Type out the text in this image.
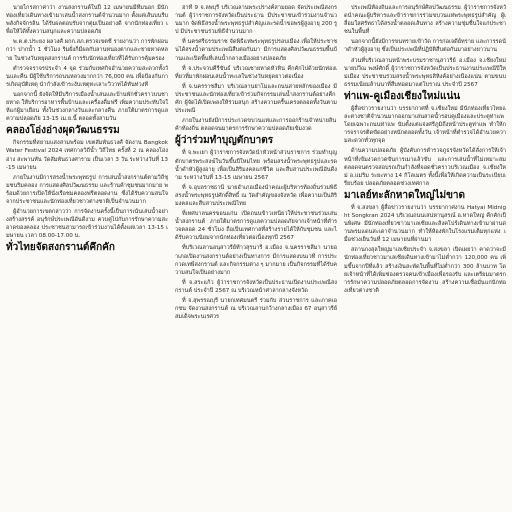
นายไกรสกาค่าว่า งานสงกรานต์ในปี 12 เมษายนมีทีมนอก มีนักท่องเที่ยวเดินทางเข้ามาเล่นน้ำสงกรานต์จำนวนมาก ตั้งแต่เส้นบนรีบพลังกิจจักรลิน ได้รับผลตอบรับจากตุ่มเป็นอย่างดี จากนักท่องเที่ยว เพื่อให้ได้ทั้งความสนุกและความปลอดภัย

พ.ต.ต.ประยง ผลวงศ์ ผกก.สภ.ตรวจเขตชี รายงานว่า การพักผ่อนกว่า ปากน้ำ 1 ชั่วโมง ริมฝั่งก็มีผลกับลานหนองตากและชายหาดหลาย ในช่วงวันหยุดสงกรานต์ การรับนักท่องเที่ยวที่ได้รับการคุ้มครอง

ตำรวจจราจรประจำ 4 จุด ร่วมกับเทศกิจอำนวยความสะดวกทั้งวันและคืน มีผู้ใช้บริการถนนหลวงมากกว่า 76,000 คน เพื่อป้องกันการเกิดอุบัติเหตุ นำกำลังเข้าระงับเหตุทะเลาะวิวาทได้ทันท่วงที

นอกจากนี้ ยังจัดให้มีบริการเมืองน้ำเล่นและบ้านพักชั่วคราวบนชายหาด ให้บริการอาหารพื้นบ้านและเครื่องดื่มฟรี เพิ่มความประทับใจให้แก่ผู้มาเยือน ทั้งในช่วงกลางวันและกลางคืน ภายใต้มาตรการดูแลความปลอดภัย 13-15 เม.ย.นี้ ตลอดทั้งสามวัน

คลองโอ่งอ่างผุดวัฒนธรรม

กิจกรรมที่สยามแสงสามพร้อม เขตสัมพันธวงศ์ จัดงาน Bangkok Water Festival 2024 เทศกาลวิถีน้ำ วิถีไทย ครั้งที่ 2 ณ คลองโอ่งอ่าง สะพานหัน วัดสัมพันธวงศาราม เป็นเวลา 3 วัน ระหว่างวันที่ 13-15 เมษายน

ภายในงานมีการสรงน้ำพระพุทธรูป การเล่นน้ำสงกรานต์ตามวิถีชุมชนริมคลอง การแสดงศิลปวัฒนธรรม และร้านค้าชุมชนมากมาย พร้อมด้วยการเปิดให้นั่งเรือชมคลองฟรีตลอดงาน ซึ่งได้รับความสนใจจากประชาชนและนักท่องเที่ยวชาวต่างชาติเป็นจำนวนมาก

ผู้อำนวยการเขตกล่าวว่า การจัดงานครั้งนี้เป็นการเน้นเล่นน้ำอย่างสร้างสรรค์ อนุรักษ์ประเพณีอันดีงาม ควบคู่ไปกับการรักษาความสะอาดของคลอง ประชาชนสามารถเข้าร่วมงานได้ตั้งแต่เวลา 13-15 เมษายน เวลา 08.00-17.00 น.

ทั่วไทยจัดสงกรานต์คึกคัก

ฮาที่ 9 จ.ลพบุรี บริเวณลานพระปรางค์สามยอด จัดประเพณีสงกรานต์ ผู้ว่าราชการจังหวัดเป็นประธาน มีประชาชนเข้าร่วมงานจำนวนมาก จัดพิธีสรงน้ำพระพุทธรูปสำคัญและรดน้ำขอพรผู้สูงอายุ 200 รูป มีประชาชนร่วมพิธีจำนวนมาก

ที่ นครศรีธรรมราช จัดพิธีแห่พระพุทธรูปรอบเมือง เพื่อให้ประชาชนได้สรงน้ำตามประเพณีสืบต่อกันมา มีการแสดงศิลปวัฒนธรรมพื้นบ้านและเปิดพื้นที่เล่นน้ำกลางเมืองอย่างปลอดภัย

ที่ จ.ประจวบคีรีขันธ์ บริเวณชายหาดหัวหิน คึกคักไปด้วยนักท่องเที่ยวที่มาพักผ่อนเล่นน้ำทะเลในช่วงวันหยุดยาวต่อเนื่อง

ที่ จ.นครราชสีมา บริเวณลานย่าโมและถนนสายหลักของเมือง มีประชาชนและนักท่องเที่ยวเข้าร่วมกิจกรรมเล่นน้ำสงกรานต์อย่างคึกคัก ผู้จัดได้เปิดเพลงให้ร่วมสนุก สร้างความครื้นเครงตลอดทั้งวันตามประเพณี

ภายในงานยังมีการประกวดขบวนแห่และการออกร้านจำหน่ายสินค้าท้องถิ่น ตลอดจนมาตรการรักษาความปลอดภัยเข้มงวด

ผู้ว่าร่วมทำบุญตักบาตร

ที่ จ.พะเยา ผู้ว่าราชการจังหวัดนำหัวหน้าส่วนราชการ ร่วมทำบุญตักบาตรพระสงฆ์ในวันขึ้นปีใหม่ไทย พร้อมสรงน้ำพระพุทธรูปและรดน้ำดำหัวผู้สูงอายุ เพื่อเป็นสิริมงคลแก่ชีวิต และสืบสานประเพณีอันดีงาม ระหว่างวันที่ 13-15 เมษายน 2567

ที่ จ.อุบลราชธานี นายอำเภอเมืองนำคณะผู้บริหารท้องถิ่นร่วมพิธีสรงน้ำพระพุทธรูปศักดิ์สิทธิ์ ณ วัดสำคัญของจังหวัด เพื่อความเป็นสิริมงคลและสืบสานประเพณีไทย

ที่เทศบาลนครขอนแก่น เปิดถนนข้าวเหนียวให้ประชาชนร่วมเล่นน้ำสงกรานต์ ภายใต้มาตรการดูแลความปลอดภัยจากเจ้าหน้าที่ตำรวจตลอด 24 ชั่วโมง ถือเป็นเทศกาลที่สร้างรายได้ให้กับชุมชน และได้รับความนิยมจากนักท่องเที่ยวต่อเนื่องทุกปี 2567

ที่บริเวณลานอนุสาวรีย์ท้าวสุรนารี อ.เมือง จ.นครราชสีมา นายอำเภอเปิดงานสงกรานต์อย่างเป็นทางการ มีการแสดงบนเวที การประกวดเทพีสงกรานต์ และกิจกรรมต่าง ๆ มากมาย เป็นกิจกรรมที่ได้รับความสนใจเป็นอย่างมาก

ที่ จ.สระแก้ว ผู้ว่าราชการจังหวัดเป็นประธานเปิดงานประเพณีสงกรานต์ ประจำปี 2567 ณ บริเวณหน้าศาลากลางจังหวัด

ที่ จ.สุพรรณบุรี นายกเทศมนตรี ร่วมกับ ส่วนราชการ และภาคเอกชน จัดงานสงกรานต์ ณ บริเวณลานกว้างกลางเมือง 67 อนุสาวรีย์สมเด็จพระนเรศวร

ประเพณีท้องถิ่นและการอนุรักษ์ศิลปวัฒนธรรม ผู้ว่าราชการจังหวัดนำคณะผู้บริหารและข้าราชการร่วมขบวนแห่พระพุทธรูปสำคัญ ผู้เลื่อมใสศรัทธาได้สรงน้ำตลอดเส้นทาง สร้างความชุ่มชื่นใจแก่ประชาชนในพื้นที่

นอกจากนี้ยังมีการขนทรายเข้าวัด การก่อเจดีย์ทราย และการรดน้ำดำหัวผู้สูงอายุ ซึ่งเป็นประเพณีที่ปฏิบัติสืบต่อกันมาอย่างยาวนาน

ส่วนที่บริเวณลานหน้าพระบรมราชานุสาวรีย์ อ.เมือง จ.เชียงใหม่ นายปวีณ พงษ์ศักดิ์ ผู้ว่าราชการจังหวัดเป็นประธานงานประเพณีปีใหม่เมือง ประชาชนร่วมสรงน้ำพระพุทธสิหิงค์อย่างเนืองแน่น ตามขนบธรรมเนียมล้านนาที่สืบทอดมาแต่โบราณ ประจำปี 2567

ท่าแพ-คูเมืองเชียงใหม่แน่น

ผู้สื่อข่าวรายงานว่า บรรยากาศที่ จ.เชียงใหม่ มีนักท่องเที่ยวไทยและต่างชาติจำนวนมากออกมาเล่นสาดน้ำรอบคูเมืองและประตูท่าแพ โดยเฉพาะถนนท่าแพ นับตั้งแต่แจ่งศรีภูมิถึงหน้าประตูท่าแพ ทำให้การจราจรติดขัดอย่างหนักตลอดทั้งวัน เจ้าหน้าที่ตำรวจได้อำนวยความสะดวกทั่วทุกจุด

ด้านความปลอดภัย ผู้บังคับการตำรวจภูธรจังหวัดได้สั่งการให้เจ้าหน้าที่เข้มงวดกวดขันการเมาแล้วขับ และการเล่นน้ำที่ไม่เหมาะสม ตลอดจนตรวจสอบรถเกินกำลังที่จอดชั่วคราวบริเวณเมือง จ.เชียงใหม่ อ.แม่ริม ระยะทาง 14 กิโลเมตร ทั้งนี้เพื่อให้เกิดความเป็นระเบียบเรียบร้อย ปลอดภัยตลอดช่วงเทศกาล

มาเลย์ทะลักหาดใหญ่ไม่ขาด

ที่ จ.สงขลา ผู้สื่อข่าวรายงานว่า บรรยากาศงาน Hatyai Midnight Songkran 2024 บริเวณถนนเสน่หานุสรณ์ อ.หาดใหญ่ คึกคักเป็นพิเศษ มีนักท่องเที่ยวชาวมาเลเซียและสิงคโปร์เดินทางเข้ามาผ่านด่านพรมแดนสะเดาจำนวนมาก ทำให้ห้องพักในโรงแรมเต็มทุกแห่ง เมื่อช่วงเย็นวันที่ 12 เมษายนที่ผ่านมา

สถานกงสุลใหญ่มาเลเซียประจำ จ.สงขลา เปิดเผยว่า คาดว่าจะมีนักท่องเที่ยวชาวมาเลเซียเดินทางเข้ามาไม่ต่ำกว่า 120,000 คน เพิ่มขึ้นจากปีที่แล้ว สร้างเงินสะพัดในพื้นที่ไม่ต่ำกว่า 300 ล้านบาท โดยเจ้าหน้าที่ได้เพิ่มช่องตรวจคนเข้าเมืองเพื่อรองรับ และเตรียมมาตรการรักษาความปลอดภัยตลอดการจัดงาน สร้างความเชื่อมั่นแก่นักท่องเที่ยวต่างชาติ
